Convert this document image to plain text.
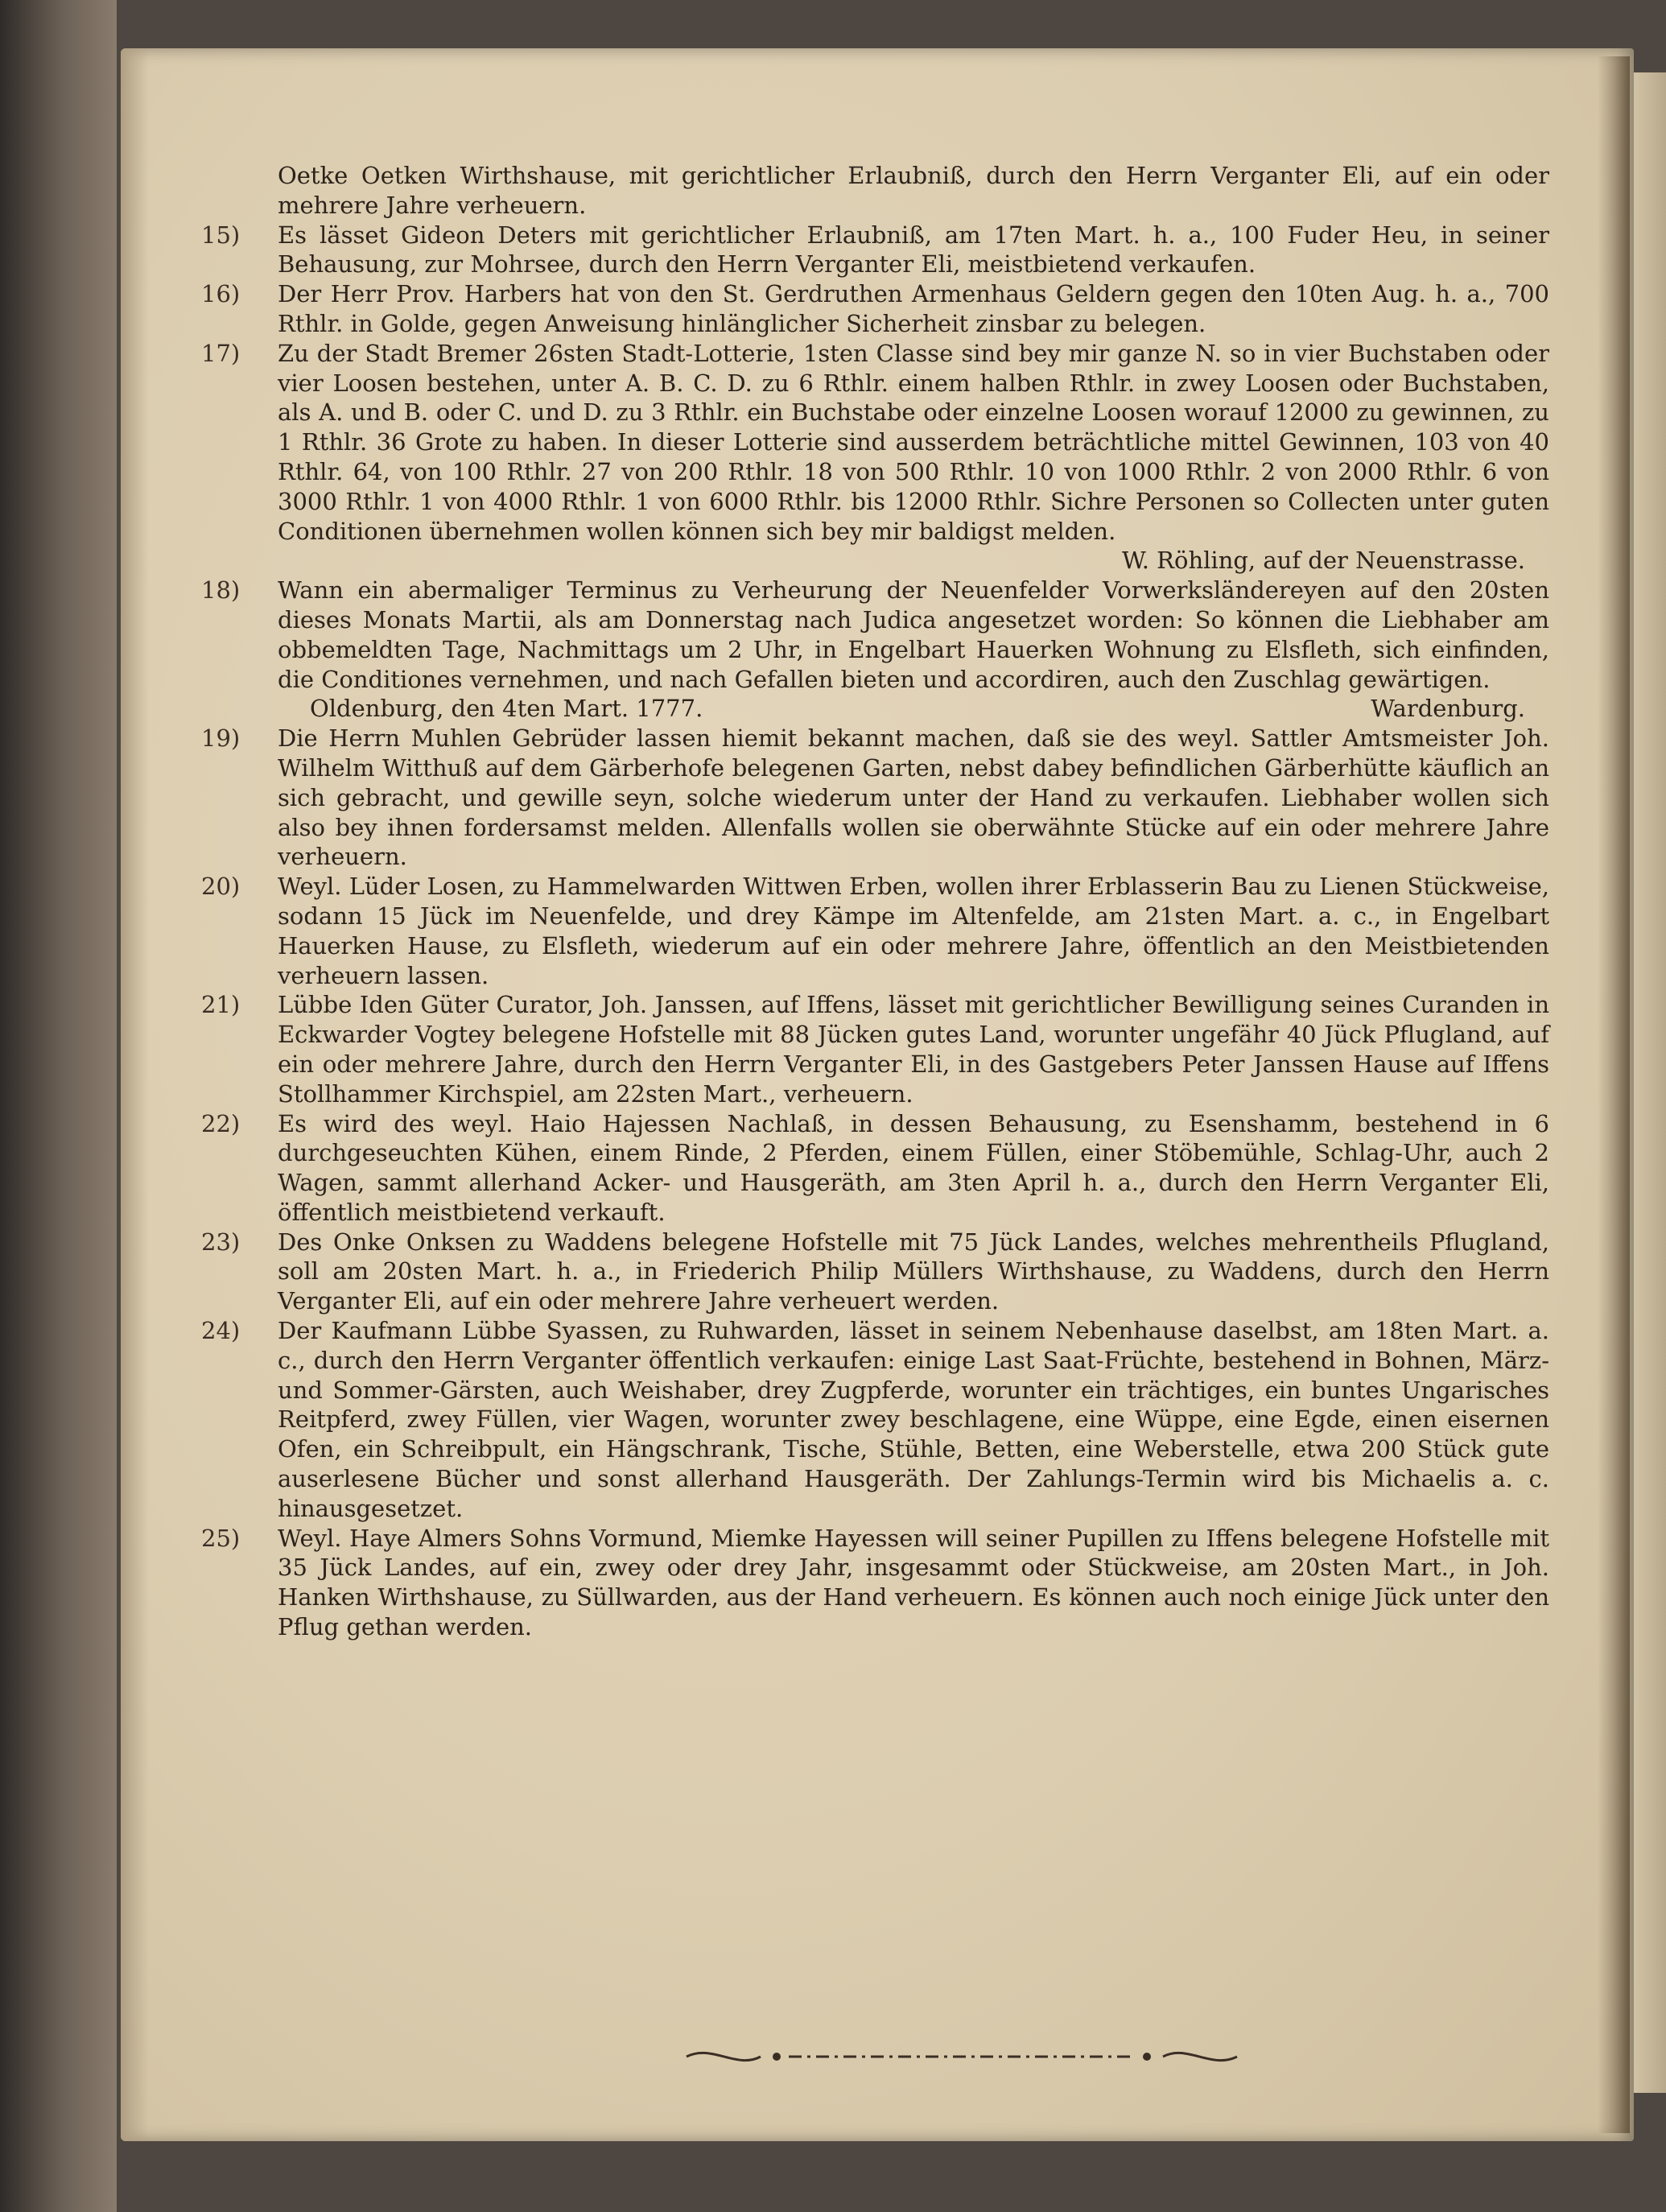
Oetke Oetken Wirthshause, mit gerichtlicher Erlaubniß, durch den Herrn Verganter Eli, auf ein oder mehrere Jahre verheuern.
15)	Es lässet Gideon Deters mit gerichtlicher Erlaubniß, am 17ten Mart. h. a., 100 Fuder Heu, in seiner Behausung, zur Mohrsee, durch den Herrn Verganter Eli, meistbietend verkaufen.
16)	Der Herr Prov. Harbers hat von den St. Gerdruthen Armenhaus Geldern gegen den 10ten Aug. h. a., 700 Rthlr. in Golde, gegen Anweisung hinlänglicher Sicherheit zinsbar zu belegen.
17)	Zu der Stadt Bremer 26sten Stadt-Lotterie, 1sten Classe sind bey mir ganze N. so in vier Buchstaben oder vier Loosen bestehen, unter A. B. C. D. zu 6 Rthlr. einem halben Rthlr. in zwey Loosen oder Buchstaben, als A. und B. oder C. und D. zu 3 Rthlr. ein Buchstabe oder einzelne Loosen worauf 12000 zu gewinnen, zu 1 Rthlr. 36 Grote zu haben. In dieser Lotterie sind ausserdem beträchtliche mittel Gewinnen, 103 von 40 Rthlr. 64, von 100 Rthlr. 27 von 200 Rthlr. 18 von 500 Rthlr. 10 von 1000 Rthlr. 2 von 2000 Rthlr. 6 von 3000 Rthlr. 1 von 4000 Rthlr. 1 von 6000 Rthlr. bis 12000 Rthlr. Sichre Personen so Collecten unter guten Conditionen übernehmen wollen können sich bey mir baldigst melden.
W. Röhling, auf der Neuenstrasse.
18)	Wann ein abermaliger Terminus zu Verheurung der Neuenfelder Vorwerksländereyen auf den 20sten dieses Monats Martii, als am Donnerstag nach Judica angesetzet worden: So können die Liebhaber am obbemeldten Tage, Nachmittags um 2 Uhr, in Engelbart Hauerken Wohnung zu Elsfleth, sich einfinden, die Conditiones vernehmen, und nach Gefallen bieten und accordiren, auch den Zuschlag gewärtigen.
Oldenburg, den 4ten Mart. 1777.	Wardenburg.
19)	Die Herrn Muhlen Gebrüder lassen hiemit bekannt machen, daß sie des weyl. Sattler Amtsmeister Joh. Wilhelm Witthuß auf dem Gärberhofe belegenen Garten, nebst dabey befindlichen Gärberhütte käuflich an sich gebracht, und gewille seyn, solche wiederum unter der Hand zu verkaufen. Liebhaber wollen sich also bey ihnen fordersamst melden. Allenfalls wollen sie oberwähnte Stücke auf ein oder mehrere Jahre verheuern.
20)	Weyl. Lüder Losen, zu Hammelwarden Wittwen Erben, wollen ihrer Erblasserin Bau zu Lienen Stückweise, sodann 15 Jück im Neuenfelde, und drey Kämpe im Altenfelde, am 21sten Mart. a. c., in Engelbart Hauerken Hause, zu Elsfleth, wiederum auf ein oder mehrere Jahre, öffentlich an den Meistbietenden verheuern lassen.
21)	Lübbe Iden Güter Curator, Joh. Janssen, auf Iffens, lässet mit gerichtlicher Bewilligung seines Curanden in Eckwarder Vogtey belegene Hofstelle mit 88 Jücken gutes Land, worunter ungefähr 40 Jück Pflugland, auf ein oder mehrere Jahre, durch den Herrn Verganter Eli, in des Gastgebers Peter Janssen Hause auf Iffens Stollhammer Kirchspiel, am 22sten Mart., verheuern.
22)	Es wird des weyl. Haio Hajessen Nachlaß, in dessen Behausung, zu Esenshamm, bestehend in 6 durchgeseuchten Kühen, einem Rinde, 2 Pferden, einem Füllen, einer Stöbemühle, Schlag-Uhr, auch 2 Wagen, sammt allerhand Acker- und Hausgeräth, am 3ten April h. a., durch den Herrn Verganter Eli, öffentlich meistbietend verkauft.
23)	Des Onke Onksen zu Waddens belegene Hofstelle mit 75 Jück Landes, welches mehrentheils Pflugland, soll am 20sten Mart. h. a., in Friederich Philip Müllers Wirthshause, zu Waddens, durch den Herrn Verganter Eli, auf ein oder mehrere Jahre verheuert werden.
24)	Der Kaufmann Lübbe Syassen, zu Ruhwarden, lässet in seinem Nebenhause daselbst, am 18ten Mart. a. c., durch den Herrn Verganter öffentlich verkaufen: einige Last Saat-Früchte, bestehend in Bohnen, März- und Sommer-Gärsten, auch Weishaber, drey Zugpferde, worunter ein trächtiges, ein buntes Ungarisches Reitpferd, zwey Füllen, vier Wagen, worunter zwey beschlagene, eine Wüppe, eine Egde, einen eisernen Ofen, ein Schreibpult, ein Hängschrank, Tische, Stühle, Betten, eine Weberstelle, etwa 200 Stück gute auserlesene Bücher und sonst allerhand Hausgeräth. Der Zahlungs-Termin wird bis Michaelis a. c. hinausgesetzet.
25)	Weyl. Haye Almers Sohns Vormund, Miemke Hayessen will seiner Pupillen zu Iffens belegene Hofstelle mit 35 Jück Landes, auf ein, zwey oder drey Jahr, insgesammt oder Stückweise, am 20sten Mart., in Joh. Hanken Wirthshause, zu Süllwarden, aus der Hand verheuern. Es können auch noch einige Jück unter den Pflug gethan werden.
